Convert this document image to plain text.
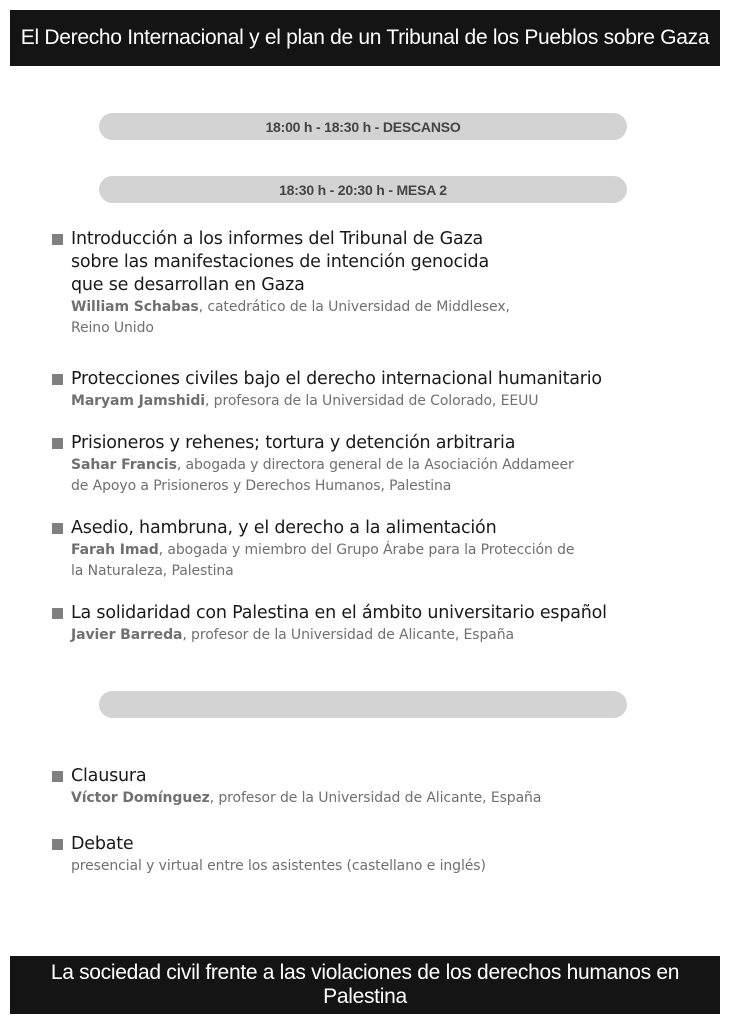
El Derecho Internacional y el plan de un Tribunal de los Pueblos sobre Gaza
18:00 h - 18:30 h - DESCANSO
18:30 h - 20:30 h - MESA 2
Introducción a los informes del Tribunal de Gaza
sobre las manifestaciones de intención genocida
que se desarrollan en Gaza
William Schabas, catedrático de la Universidad de Middlesex,
Reino Unido
Protecciones civiles bajo el derecho internacional humanitario
Maryam Jamshidi, profesora de la Universidad de Colorado, EEUU
Prisioneros y rehenes; tortura y detención arbitraria
Sahar Francis, abogada y directora general de la Asociación Addameer
de Apoyo a Prisioneros y Derechos Humanos, Palestina
Asedio, hambruna, y el derecho a la alimentación
Farah Imad, abogada y miembro del Grupo Árabe para la Protección de
la Naturaleza, Palestina
La solidaridad con Palestina en el ámbito universitario español
Javier Barreda, profesor de la Universidad de Alicante, España
Clausura
Víctor Domínguez, profesor de la Universidad de Alicante, España
Debate
presencial y virtual entre los asistentes (castellano e inglés)
La sociedad civil frente a las violaciones de los derechos humanos en Palestina
